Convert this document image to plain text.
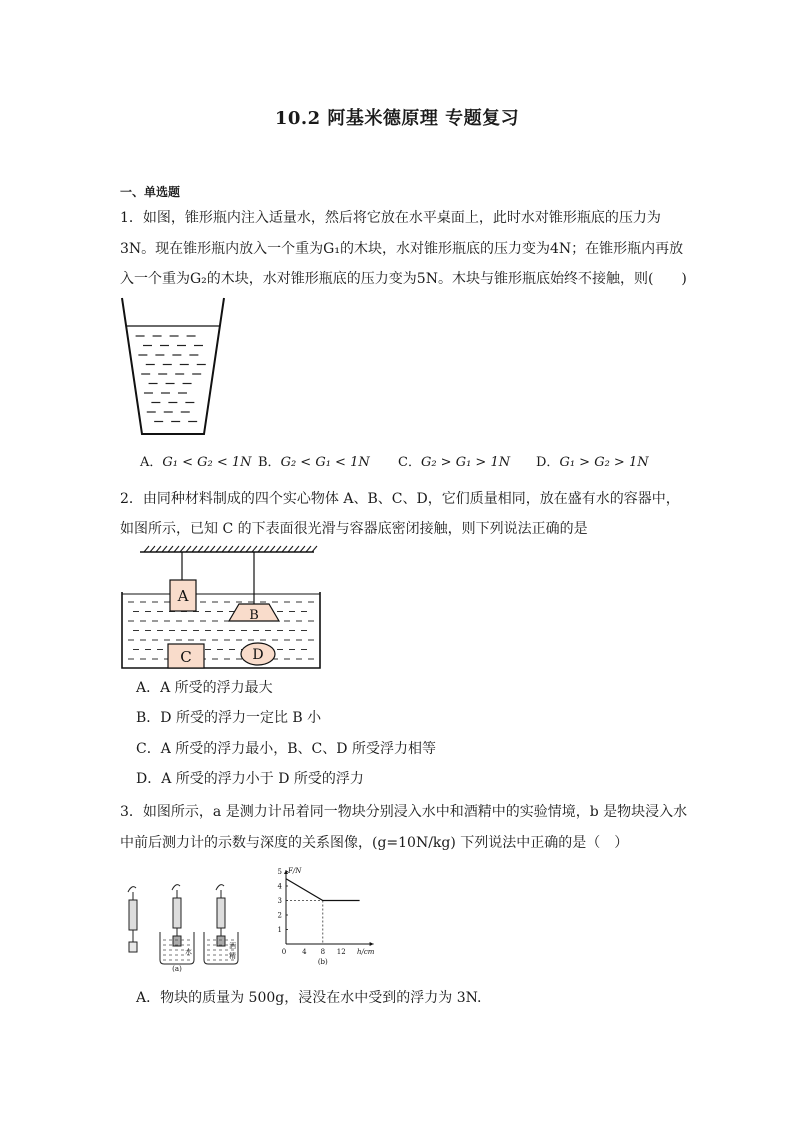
10.2 阿基米德原理 专题复习
一、单选题
1．如图，锥形瓶内注入适量水，然后将它放在水平桌面上，此时水对锥形瓶底的压力为
3N。现在锥形瓶内放入一个重为G₁的木块，水对锥形瓶底的压力变为4N；在锥形瓶内再放
入一个重为G₂的木块，水对锥形瓶底的压力变为5N。木块与锥形瓶底始终不接触，则(　　)
A．G₁ < G₂ < 1N B．G₂ < G₁ < 1N C．G₂ > G₁ > 1N D．G₁ > G₂ > 1N
2．由同种材料制成的四个实心物体 A、B、C、D，它们质量相同，放在盛有水的容器中，
如图所示，已知 C 的下表面很光滑与容器底密闭接触，则下列说法正确的是
A
B
C	D
A．A 所受的浮力最大
B．D 所受的浮力一定比 B 小
C．A 所受的浮力最小，B、C、D 所受浮力相等
D．A 所受的浮力小于 D 所受的浮力
3．如图所示，a 是测力计吊着同一物块分别浸入水中和酒精中的实验情境，b 是物块浸入水
中前后测力计的示数与深度的关系图像，(g=10N/kg) 下列说法中正确的是（　）
水
酒
精
(a)
1
2
3
4
5
0 4 8 12
F/N
h/cm
(b)
A．物块的质量为 500g，浸没在水中受到的浮力为 3N.
